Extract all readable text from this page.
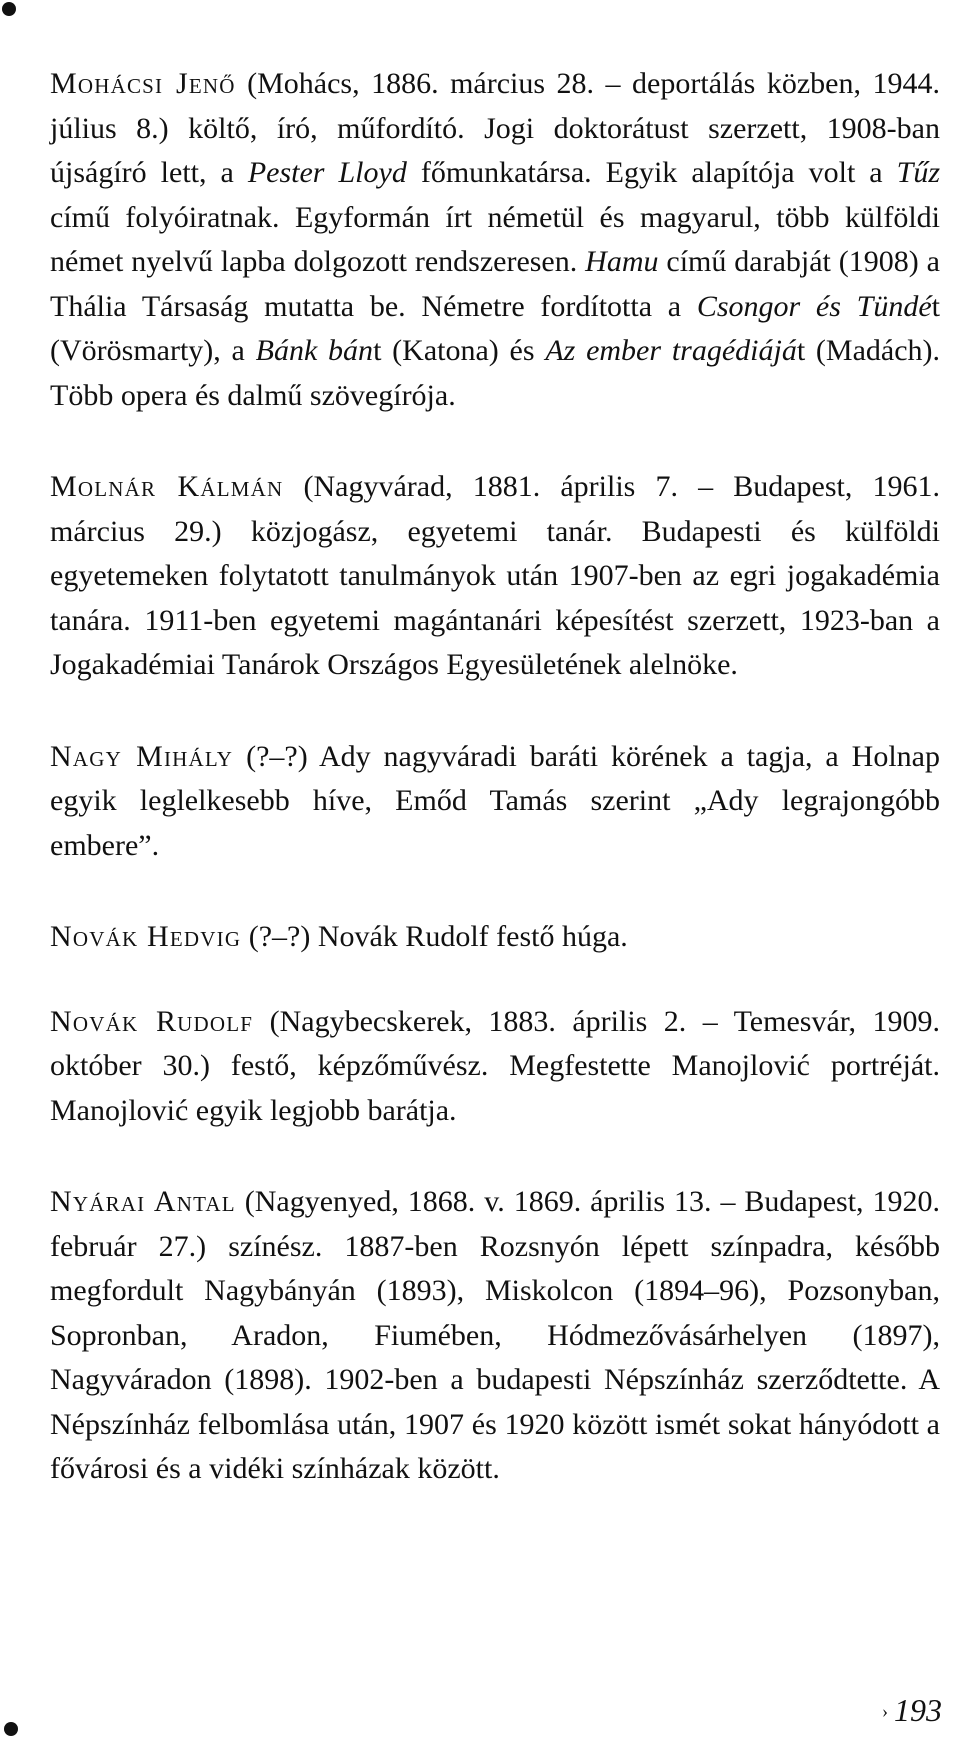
Mohácsi Jenő (Mohács, 1886. március 28. – deportálás közben, 1944. július 8.) költő, író, műfordító. Jogi doktorátust szerzett, 1908-ban újságíró lett, a Pester Lloyd főmunkatársa. Egyik alapítója volt a Tűz című folyóiratnak. Egyformán írt németül és magyarul, több külföldi német nyelvű lapba dolgozott rendszeresen. Hamu című darabját (1908) a Thália Társaság mutatta be. Németre fordította a Csongor és Tündét (Vörösmarty), a Bánk bánt (Katona) és Az ember tragédiáját (Madách). Több opera és dalmű szövegírója.

Molnár Kálmán (Nagyvárad, 1881. április 7. – Budapest, 1961. március 29.) közjogász, egyetemi tanár. Budapesti és külföldi egyetemeken folytatott tanulmányok után 1907-ben az egri jogakadémia tanára. 1911-ben egyetemi magántanári képesítést szerzett, 1923-ban a Jogakadémiai Tanárok Országos Egyesületének alelnöke.

Nagy Mihály (?–?) Ady nagyváradi baráti körének a tagja, a Holnap egyik leglelkesebb híve, Emőd Tamás szerint „Ady legrajongóbb embere”.

Novák Hedvig (?–?) Novák Rudolf festő húga.

Novák Rudolf (Nagybecskerek, 1883. április 2. – Temesvár, 1909. október 30.) festő, képzőművész. Megfestette Manojlović portréját. Manojlović egyik legjobb barátja.

Nyárai Antal (Nagyenyed, 1868. v. 1869. április 13. – Budapest, 1920. február 27.) színész. 1887-ben Rozsnyón lépett színpadra, később megfordult Nagybányán (1893), Miskolcon (1894–96), Pozsonyban, Sopronban, Aradon, Fiumében, Hódmezővásárhelyen (1897), Nagyváradon (1898). 1902-ben a budapesti Népszínház szerződtette. A Népszínház felbomlása után, 1907 és 1920 között ismét sokat hányódott a fővárosi és a vidéki színházak között.

› 193
